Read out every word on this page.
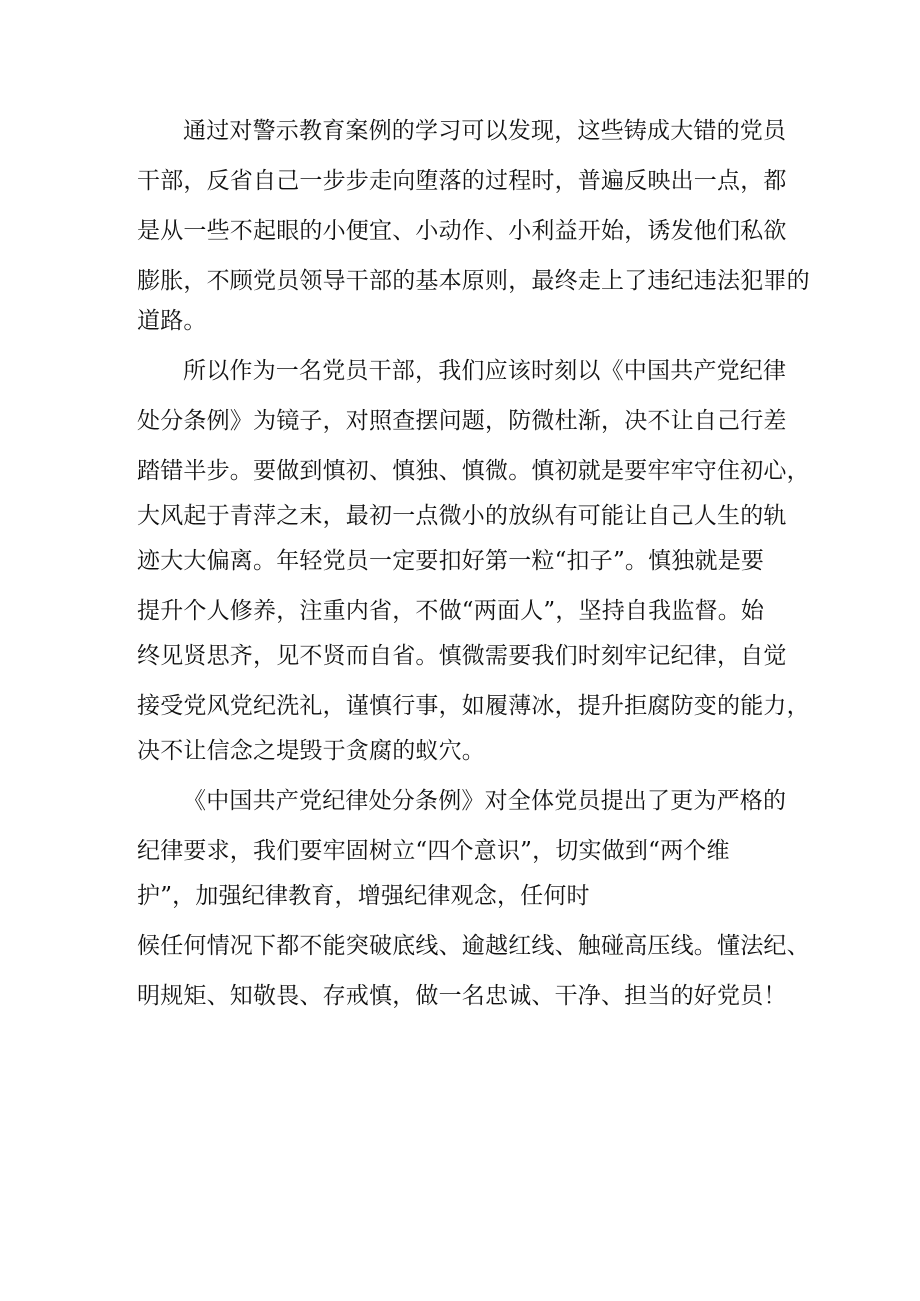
通过对警示教育案例的学习可以发现，这些铸成大错的党员
干部，反省自己一步步走向堕落的过程时，普遍反映出一点，都
是从一些不起眼的小便宜、小动作、小利益开始，诱发他们私欲
膨胀，不顾党员领导干部的基本原则，最终走上了违纪违法犯罪的
道路。
所以作为一名党员干部，我们应该时刻以《中国共产党纪律
处分条例》为镜子，对照查摆问题，防微杜渐，决不让自己行差
踏错半步。要做到慎初、慎独、慎微。慎初就是要牢牢守住初心，
大风起于青萍之末，最初一点微小的放纵有可能让自己人生的轨
迹大大偏离。年轻党员一定要扣好第一粒“扣子”。慎独就是要
提升个人修养，注重内省，不做“两面人”，坚持自我监督。始
终见贤思齐，见不贤而自省。慎微需要我们时刻牢记纪律，自觉
接受党风党纪洗礼，谨慎行事，如履薄冰，提升拒腐防变的能力，
决不让信念之堤毁于贪腐的蚁穴。
《中国共产党纪律处分条例》对全体党员提出了更为严格的
纪律要求，我们要牢固树立“四个意识”，切实做到“两个维
护”，加强纪律教育，增强纪律观念，任何时
候任何情况下都不能突破底线、逾越红线、触碰高压线。懂法纪、
明规矩、知敬畏、存戒慎，做一名忠诚、干净、担当的好党员！
